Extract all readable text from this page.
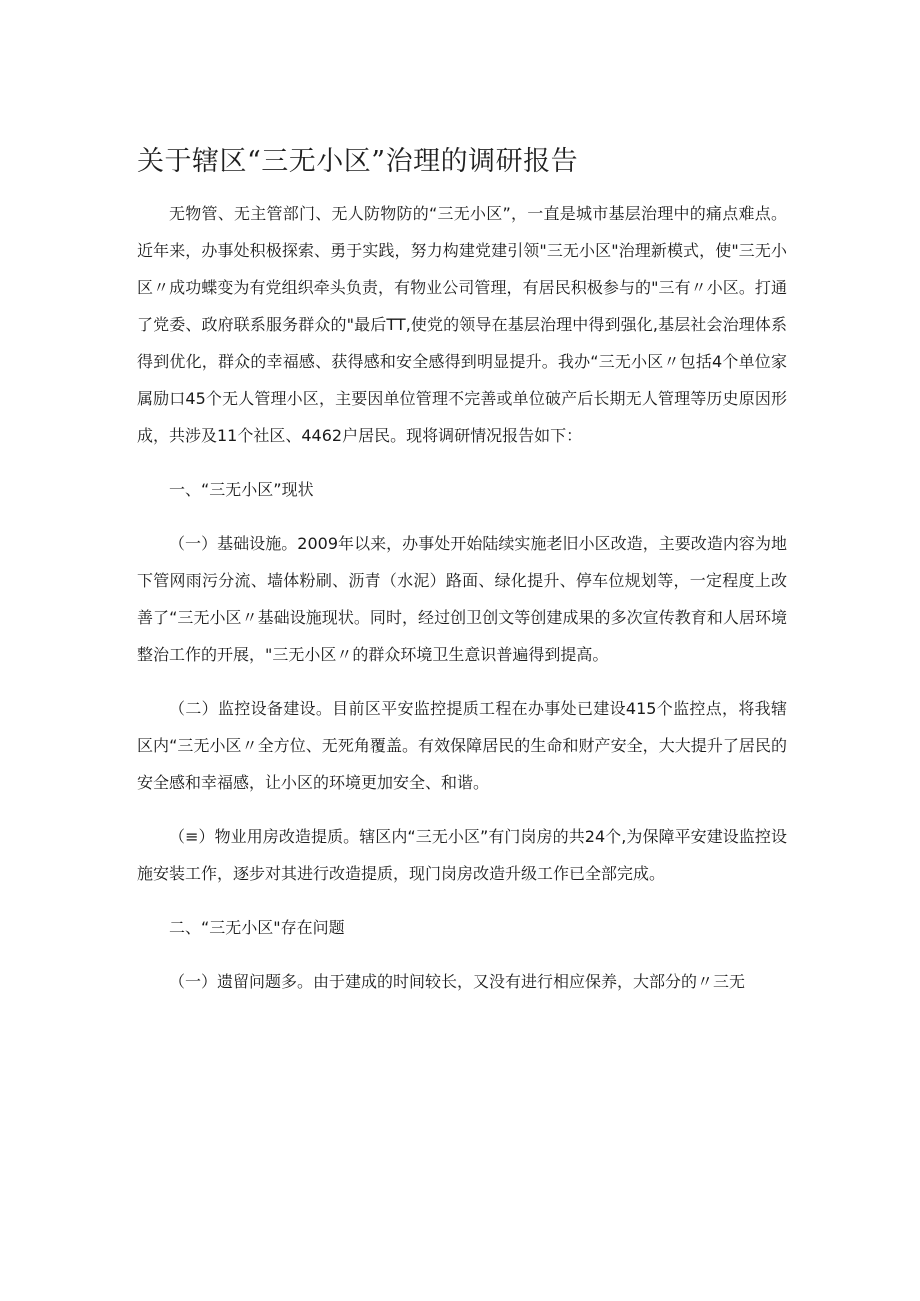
关于辖区“三无小区”治理的调研报告

无物管、无主管部门、无人防物防的“三无小区”，一直是城市基层治理中的痛点难点。近年来，办事处积极探索、勇于实践，努力构建党建引领"三无小区"治理新模式，使"三无小区〃成功蝶变为有党组织牵头负责，有物业公司管理，有居民积极参与的"三有〃小区。打通了党委、政府联系服务群众的"最后TT,使党的领导在基层治理中得到强化,基层社会治理体系得到优化，群众的幸福感、获得感和安全感得到明显提升。我办“三无小区〃包括4个单位家属励口45个无人管理小区，主要因单位管理不完善或单位破产后长期无人管理等历史原因形成，共涉及11个社区、4462户居民。现将调研情况报告如下：

一、“三无小区”现状

（一）基础设施。2009年以来，办事处开始陆续实施老旧小区改造，主要改造内容为地下管网雨污分流、墙体粉刷、沥青（水泥）路面、绿化提升、停车位规划等，一定程度上改善了“三无小区〃基础设施现状。同时，经过创卫创文等创建成果的多次宣传教育和人居环境整治工作的开展，"三无小区〃的群众环境卫生意识普遍得到提高。

（二）监控设备建设。目前区平安监控提质工程在办事处已建设415个监控点，将我辖区内“三无小区〃全方位、无死角覆盖。有效保障居民的生命和财产安全，大大提升了居民的安全感和幸福感，让小区的环境更加安全、和谐。

（≡）物业用房改造提质。辖区内“三无小区”有门岗房的共24个,为保障平安建设监控设施安装工作，逐步对其进行改造提质，现门岗房改造升级工作已全部完成。

二、“三无小区"存在问题

（一）遗留问题多。由于建成的时间较长，又没有进行相应保养，大部分的〃三无
